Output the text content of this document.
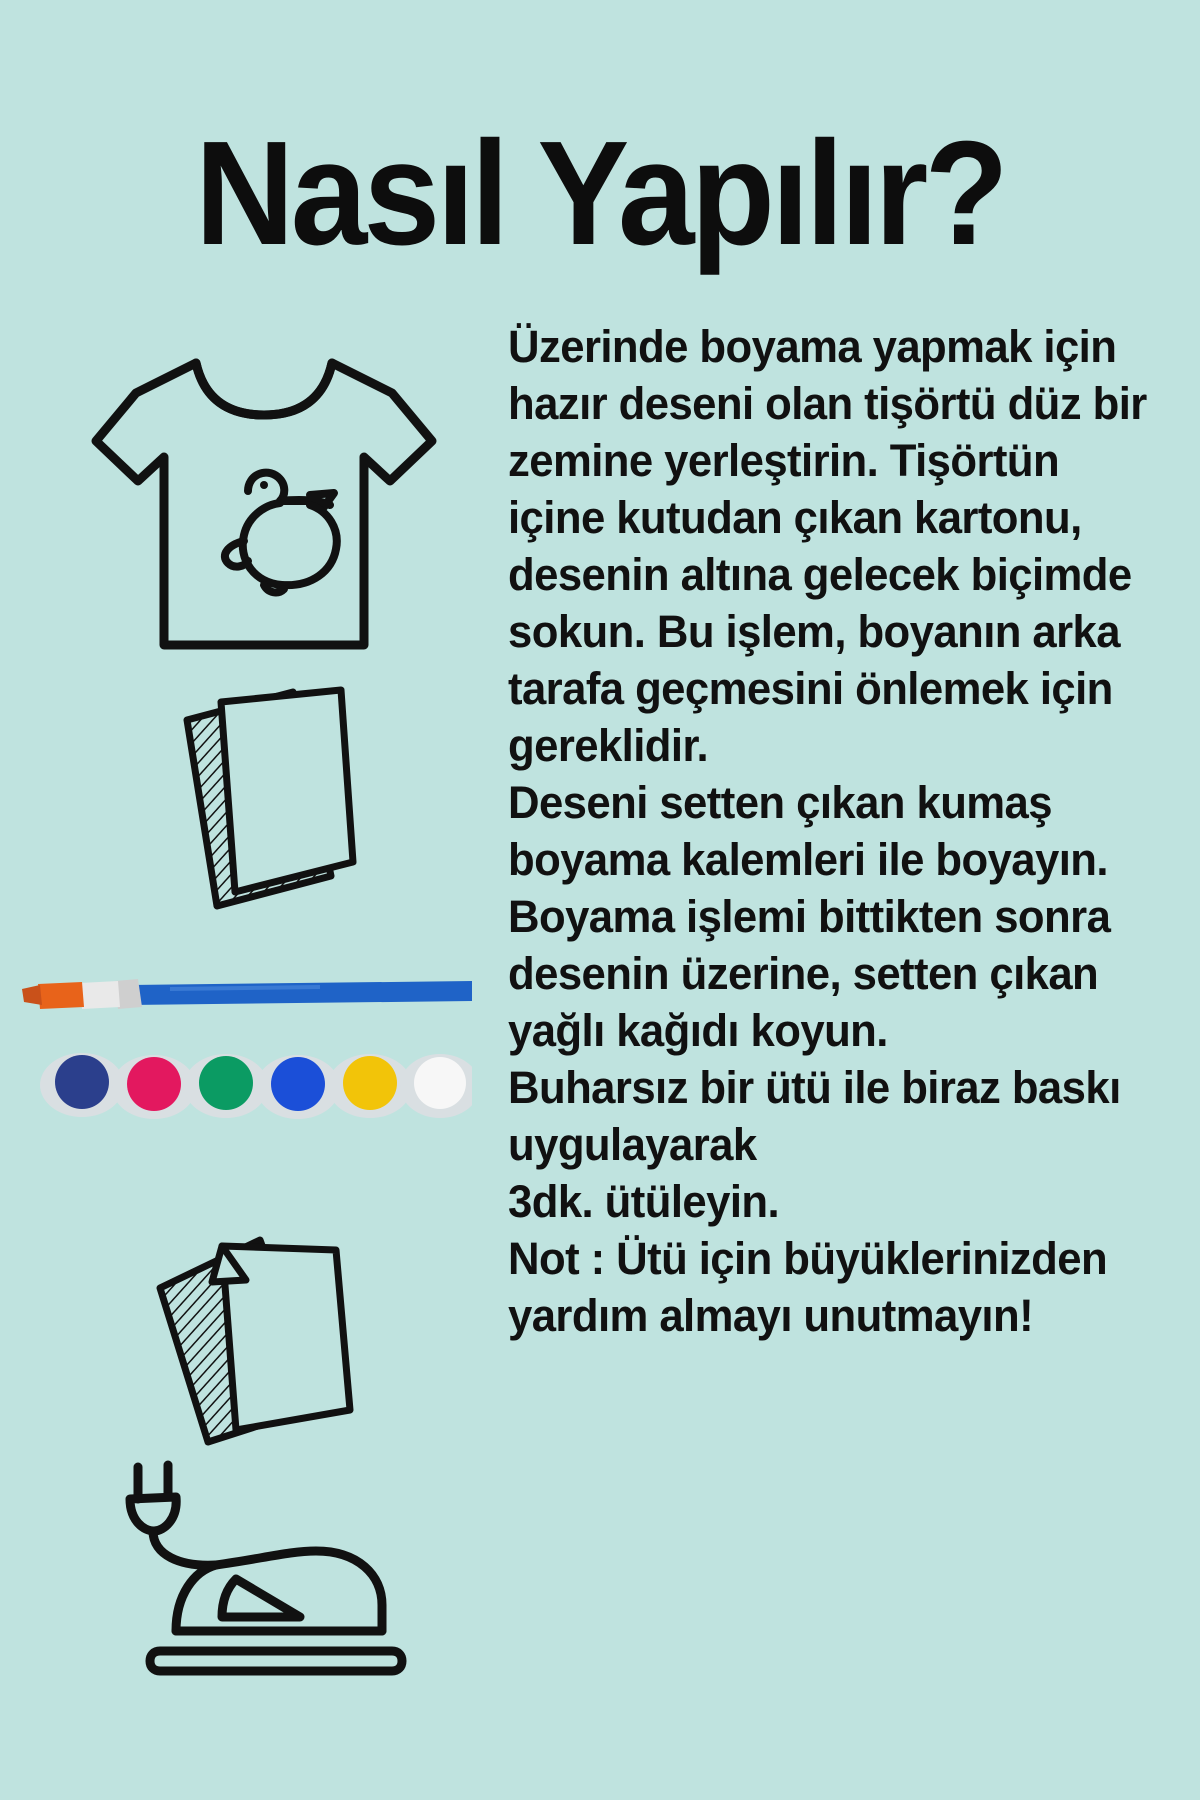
Nasıl Yapılır?

Üzerinde boyama yapmak için hazır deseni olan tişörtü düz bir zemine yerleştirin. Tişörtün içine kutudan çıkan kartonu, desenin altına gelecek biçimde sokun. Bu işlem, boyanın arka tarafa geçmesini önlemek için gereklidir.

Deseni setten çıkan kumaş boyama kalemleri ile boyayın.

Boyama işlemi bittikten sonra desenin üzerine, setten çıkan yağlı kağıdı koyun.

Buharsız bir ütü ile biraz baskı uygulayarak

3dk. ütüleyin.

Not : Ütü için büyüklerinizden yardım almayı unutmayın!
